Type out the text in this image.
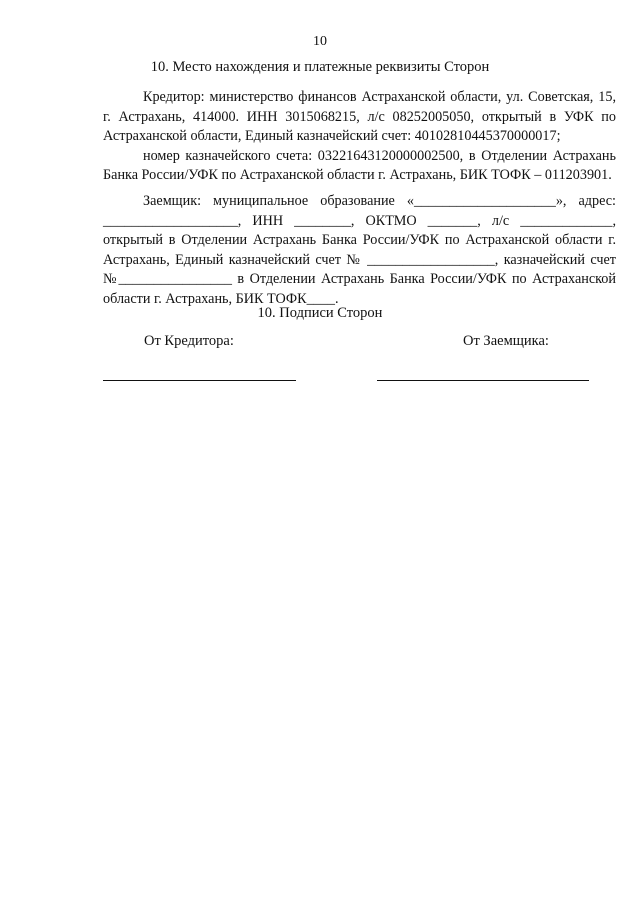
10
10. Место нахождения и платежные реквизиты Сторон

Кредитор: министерство финансов Астраханской области, ул. Советская, 15, г. Астрахань, 414000. ИНН 3015068215, л/с 08252005050, открытый в УФК по Астраханской области, Единый казначейский счет: 40102810445370000017;

номер казначейского счета: 03221643120000002500, в Отделении Астрахань Банка России/УФК по Астраханской области г. Астрахань, БИК ТОФК – 011203901.

Заемщик: муниципальное образование «____________________», адрес: ___________________, ИНН ________, ОКТМО _______, л/с _____________, открытый в Отделении Астрахань Банка России/УФК по Астраханской области г. Астрахань, Единый казначейский счет № __________________, казначейский счет №________________ в Отделении Астрахань Банка России/УФК по Астраханской области г. Астрахань, БИК ТОФК____.

10. Подписи Сторон
От Кредитора:	От Заемщика:
